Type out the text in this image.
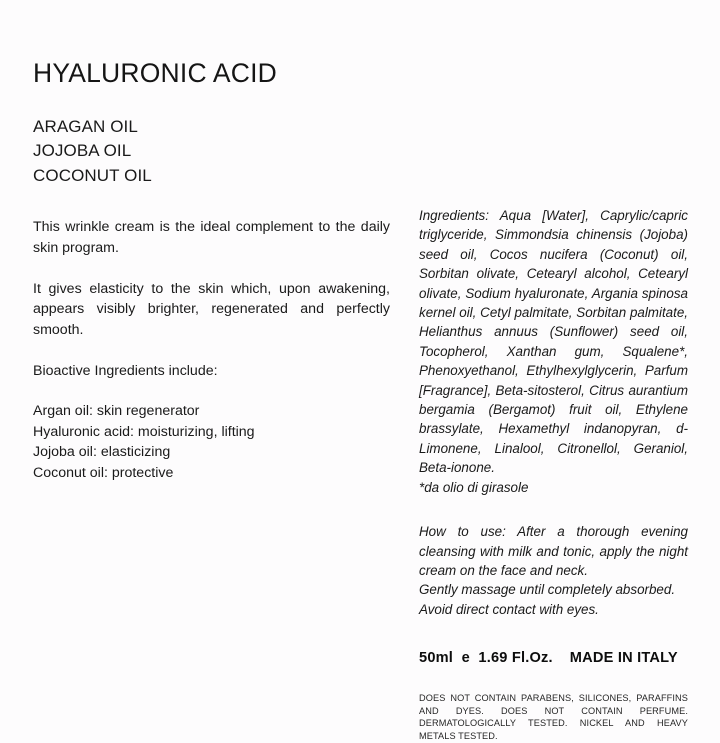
HYALURONIC ACID
ARAGAN OIL
JOJOBA OIL
COCONUT OIL

This wrinkle cream is the ideal complement to the daily skin program.

It gives elasticity to the skin which, upon awakening, appears visibly brighter, regenerated and perfectly smooth.

Bioactive Ingredients include:

Argan oil: skin regenerator
Hyaluronic acid: moisturizing, lifting
Jojoba oil: elasticizing
Coconut oil: protective

Ingredients: Aqua [Water], Caprylic/capric triglyceride, Simmondsia chinensis (Jojoba) seed oil, Cocos nucifera (Coconut) oil, Sorbitan olivate, Cetearyl alcohol, Cetearyl olivate, Sodium hyaluronate, Argania spinosa kernel oil, Cetyl palmitate, Sorbitan palmitate, Helianthus annuus (Sunflower) seed oil, Tocopherol, Xanthan gum, Squalene*, Phenoxyethanol, Ethylhexylglycerin, Parfum [Fragrance], Beta-sitosterol, Citrus aurantium bergamia (Bergamot) fruit oil, Ethylene brassylate, Hexamethyl indanopyran, d-Limonene, Linalool, Citronellol, Geraniol, Beta-ionone.

*da olio di girasole

How to use: After a thorough evening cleansing with milk and tonic, apply the night cream on the face and neck.

Gently massage until completely absorbed.

Avoid direct contact with eyes.

50ml  e  1.69 Fl.Oz.    MADE IN ITALY

DOES NOT CONTAIN PARABENS, SILICONES, PARAFFINS AND DYES. DOES NOT CONTAIN PERFUME. DERMATOLOGICALLY TESTED. NICKEL AND HEAVY METALS TESTED.
